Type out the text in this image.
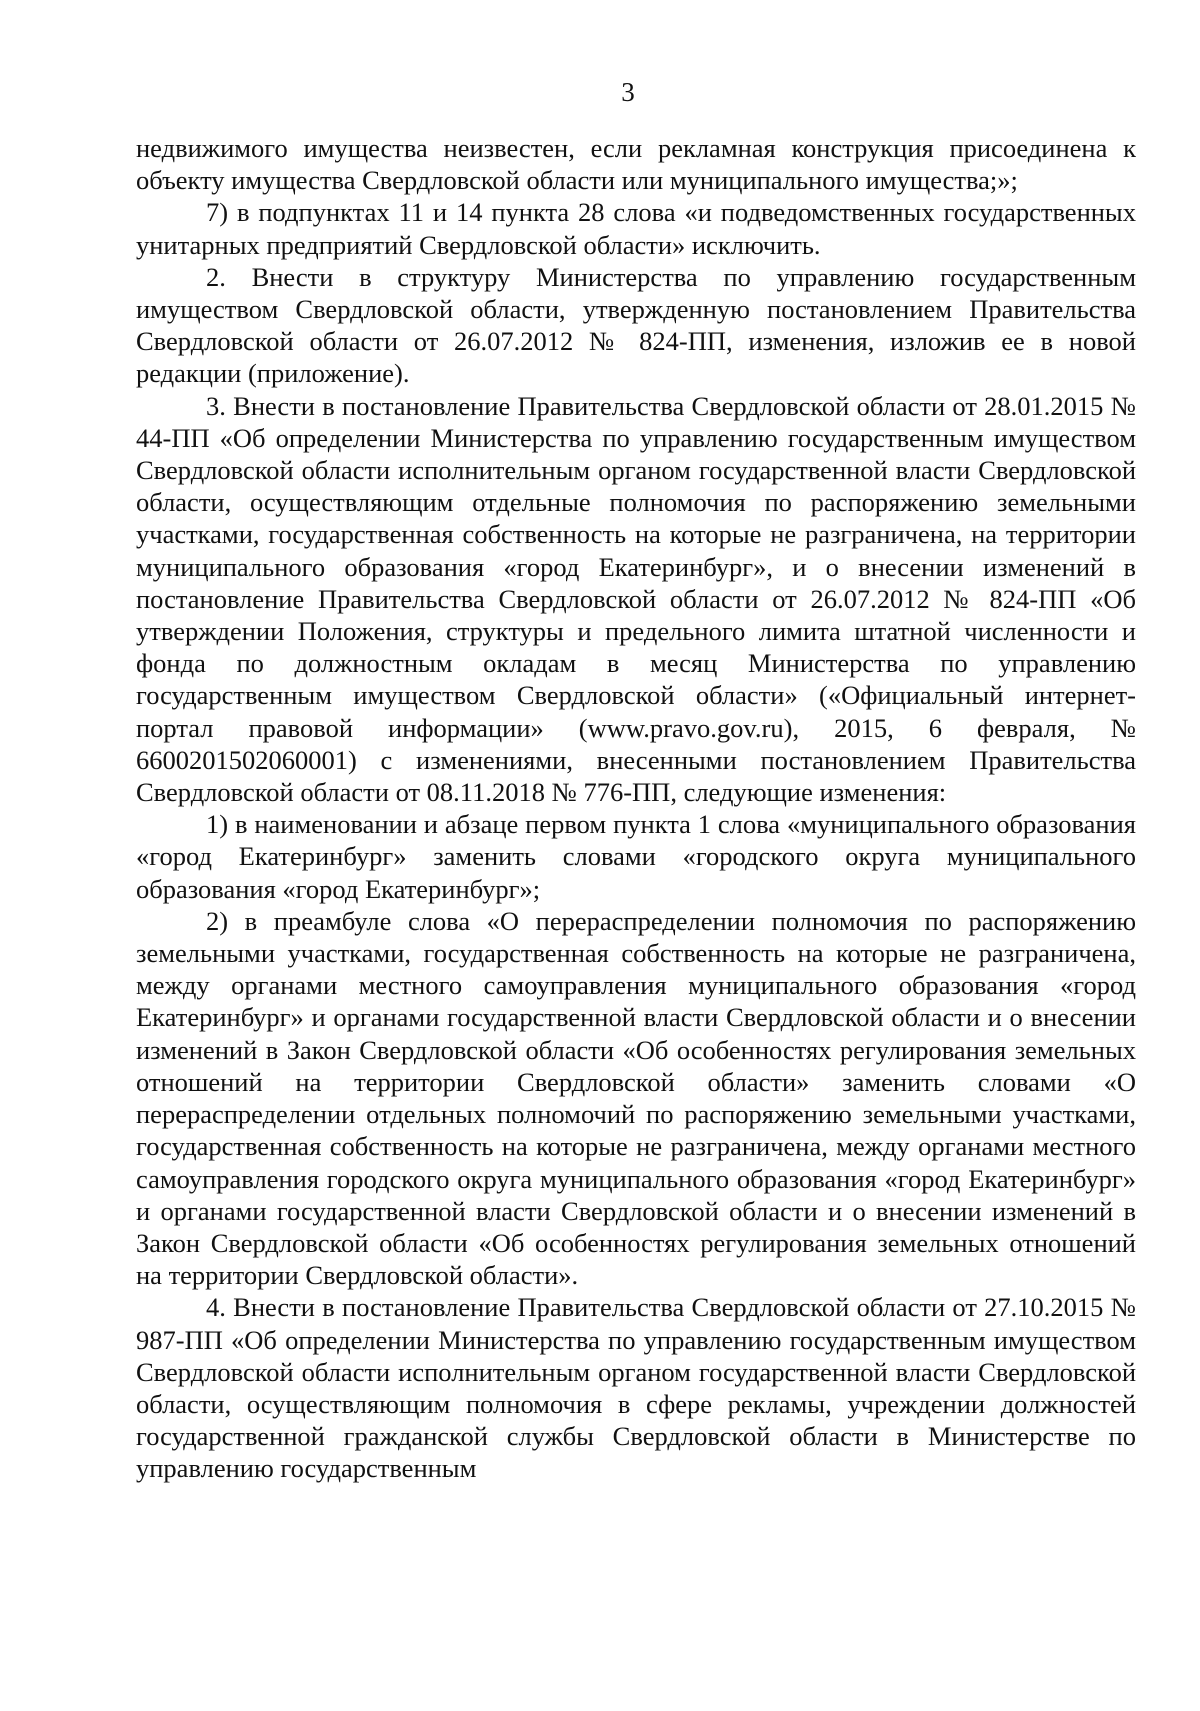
3

недвижимого имущества неизвестен, если рекламная конструкция присоединена к объекту имущества Свердловской области или муниципального имущества;»;

7) в подпунктах 11 и 14 пункта 28 слова «и подведомственных государственных унитарных предприятий Свердловской области» исключить.

2. Внести в структуру Министерства по управлению государственным имуществом Свердловской области, утвержденную постановлением Правительства Свердловской области от 26.07.2012 № 824-ПП, изменения, изложив ее в новой редакции (приложение).

3. Внести в постановление Правительства Свердловской области от 28.01.2015 № 44-ПП «Об определении Министерства по управлению государственным имуществом Свердловской области исполнительным органом государственной власти Свердловской области, осуществляющим отдельные полномочия по распоряжению земельными участками, государственная собственность на которые не разграничена, на территории муниципального образования «город Екатеринбург», и о внесении изменений в постановление Правительства Свердловской области от 26.07.2012 № 824-ПП «Об утверждении Положения, структуры и предельного лимита штатной численности и фонда по должностным окладам в месяц Министерства по управлению государственным имуществом Свердловской области» («Официальный интернет-портал правовой информации» (www.pravo.gov.ru), 2015, 6 февраля, № 6600201502060001) с изменениями, внесенными постановлением Правительства Свердловской области от 08.11.2018 № 776-ПП, следующие изменения:

1) в наименовании и абзаце первом пункта 1 слова «муниципального образования «город Екатеринбург» заменить словами «городского округа муниципального образования «город Екатеринбург»;

2) в преамбуле слова «О перераспределении полномочия по распоряжению земельными участками, государственная собственность на которые не разграничена, между органами местного самоуправления муниципального образования «город Екатеринбург» и органами государственной власти Свердловской области и о внесении изменений в Закон Свердловской области «Об особенностях регулирования земельных отношений на территории Свердловской области» заменить словами «О перераспределении отдельных полномочий по распоряжению земельными участками, государственная собственность на которые не разграничена, между органами местного самоуправления городского округа муниципального образования «город Екатеринбург» и органами государственной власти Свердловской области и о внесении изменений в Закон Свердловской области «Об особенностях регулирования земельных отношений на территории Свердловской области».

4. Внести в постановление Правительства Свердловской области от 27.10.2015 № 987-ПП «Об определении Министерства по управлению государственным имуществом Свердловской области исполнительным органом государственной власти Свердловской области, осуществляющим полномочия в сфере рекламы, учреждении должностей государственной гражданской службы Свердловской области в Министерстве по управлению государственным
